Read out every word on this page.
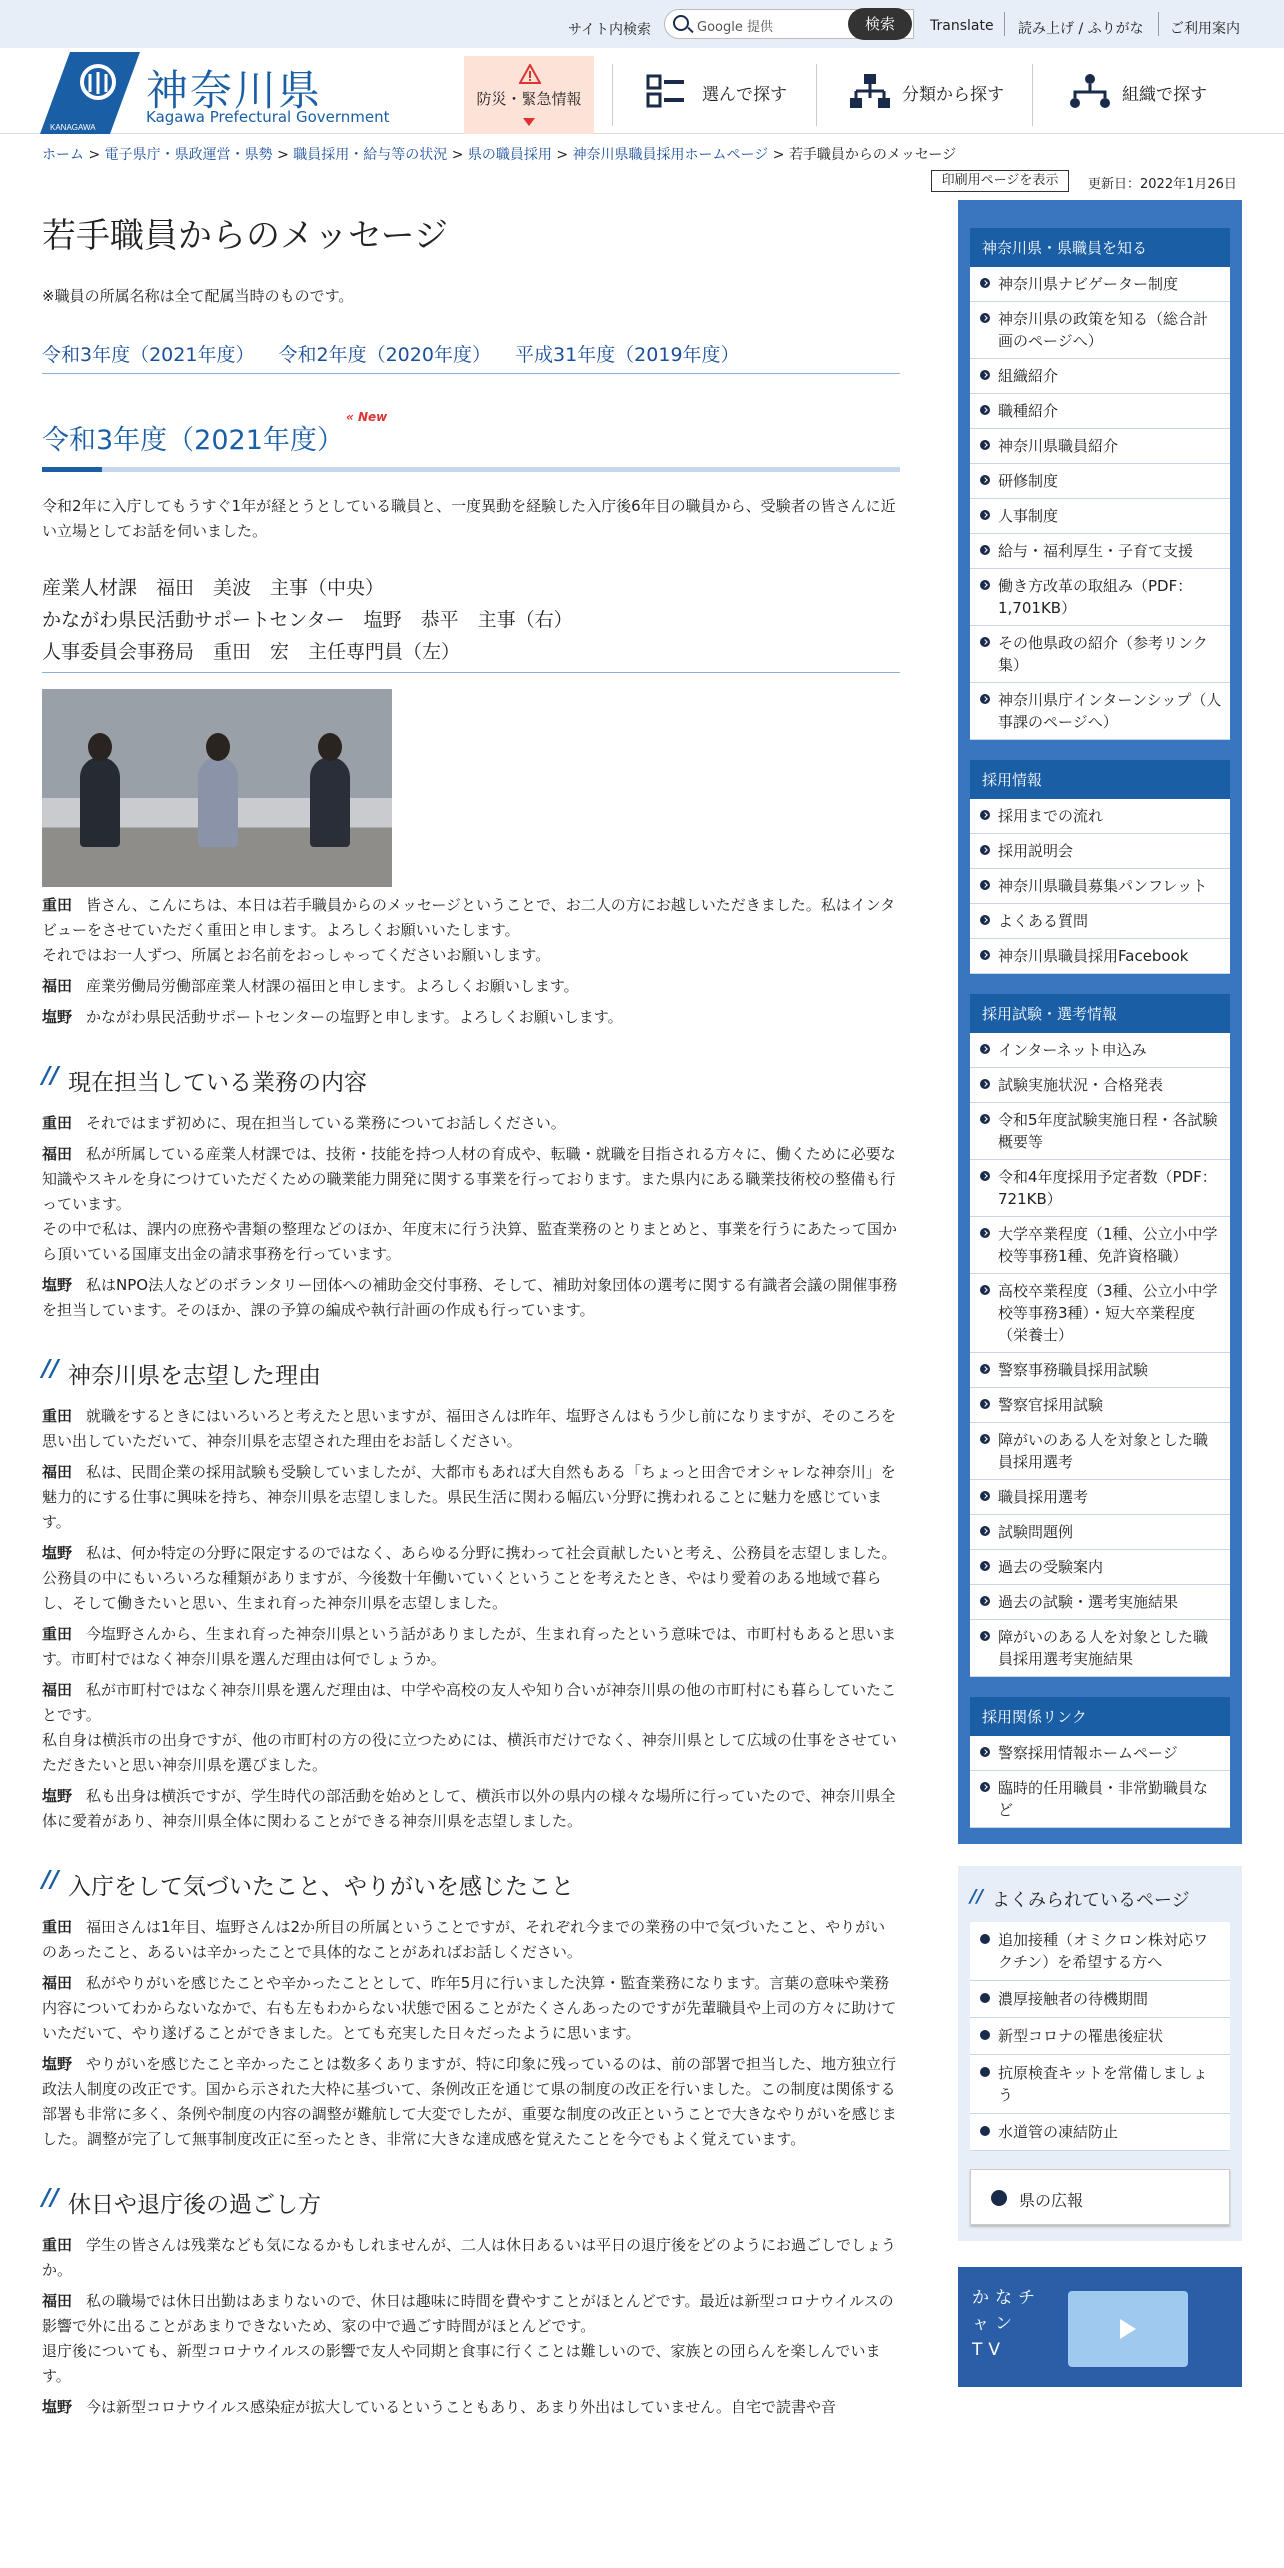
サイト内検索	Google 提供	検索	Translate 読み上げ / ふりがな ご利用案内
KANAGAWA
神奈川県
Kagawa Prefectural Government
防災・緊急情報	選んで探す	分類から探す	組織で探す
ホーム > 電子県庁・県政運営・県勢 > 職員採用・給与等の状況 > 県の職員採用 > 神奈川県職員採用ホームページ > 若手職員からのメッセージ
印刷用ページを表示	更新日：2022年1月26日
若手職員からのメッセージ

※職員の所属名称は全て配属当時のものです。

令和3年度（2021年度） 令和2年度（2020年度） 平成31年度（2019年度）
令和3年度（2021年度）
« New

令和2年に入庁してもうすぐ1年が経とうとしている職員と、一度異動を経験した入庁後6年目の職員から、受験者の皆さんに近い立場としてお話を伺いました。

産業人材課　福田　美波　主事（中央）
かながわ県民活動サポートセンター　塩野　恭平　主事（右）
人事委員会事務局　重田　宏　主任専門員（左）

重田 皆さん、こんにちは、本日は若手職員からのメッセージということで、お二人の方にお越しいただきました。私はインタビューをさせていただく重田と申します。よろしくお願いいたします。
それではお一人ずつ、所属とお名前をおっしゃってくださいお願いします。

福田 産業労働局労働部産業人材課の福田と申します。よろしくお願いします。

塩野 かながわ県民活動サポートセンターの塩野と申します。よろしくお願いします。

// 現在担当している業務の内容

重田 それではまず初めに、現在担当している業務についてお話しください。

福田 私が所属している産業人材課では、技術・技能を持つ人材の育成や、転職・就職を目指される方々に、働くために必要な知識やスキルを身につけていただくための職業能力開発に関する事業を行っております。また県内にある職業技術校の整備も行っています。
その中で私は、課内の庶務や書類の整理などのほか、年度末に行う決算、監査業務のとりまとめと、事業を行うにあたって国から頂いている国庫支出金の請求事務を行っています。

塩野 私はNPO法人などのボランタリー団体への補助金交付事務、そして、補助対象団体の選考に関する有識者会議の開催事務を担当しています。そのほか、課の予算の編成や執行計画の作成も行っています。

// 神奈川県を志望した理由

重田 就職をするときにはいろいろと考えたと思いますが、福田さんは昨年、塩野さんはもう少し前になりますが、そのころを思い出していただいて、神奈川県を志望された理由をお話しください。

福田 私は、民間企業の採用試験も受験していましたが、大都市もあれば大自然もある「ちょっと田舎でオシャレな神奈川」を魅力的にする仕事に興味を持ち、神奈川県を志望しました。県民生活に関わる幅広い分野に携われることに魅力を感じています。

塩野 私は、何か特定の分野に限定するのではなく、あらゆる分野に携わって社会貢献したいと考え、公務員を志望しました。
公務員の中にもいろいろな種類がありますが、今後数十年働いていくということを考えたとき、やはり愛着のある地域で暮らし、そして働きたいと思い、生まれ育った神奈川県を志望しました。

重田 今塩野さんから、生まれ育った神奈川県という話がありましたが、生まれ育ったという意味では、市町村もあると思います。市町村ではなく神奈川県を選んだ理由は何でしょうか。

福田 私が市町村ではなく神奈川県を選んだ理由は、中学や高校の友人や知り合いが神奈川県の他の市町村にも暮らしていたことです。
私自身は横浜市の出身ですが、他の市町村の方の役に立つためには、横浜市だけでなく、神奈川県として広域の仕事をさせていただきたいと思い神奈川県を選びました。

塩野 私も出身は横浜ですが、学生時代の部活動を始めとして、横浜市以外の県内の様々な場所に行っていたので、神奈川県全体に愛着があり、神奈川県全体に関わることができる神奈川県を志望しました。

// 入庁をして気づいたこと、やりがいを感じたこと

重田 福田さんは1年目、塩野さんは2か所目の所属ということですが、それぞれ今までの業務の中で気づいたこと、やりがいのあったこと、あるいは辛かったことで具体的なことがあればお話しください。

福田 私がやりがいを感じたことや辛かったこととして、昨年5月に行いました決算・監査業務になります。言葉の意味や業務内容についてわからないなかで、右も左もわからない状態で困ることがたくさんあったのですが先輩職員や上司の方々に助けていただいて、やり遂げることができました。とても充実した日々だったように思います。

塩野 やりがいを感じたこと辛かったことは数多くありますが、特に印象に残っているのは、前の部署で担当した、地方独立行政法人制度の改正です。国から示された大枠に基づいて、条例改正を通じて県の制度の改正を行いました。この制度は関係する部署も非常に多く、条例や制度の内容の調整が難航して大変でしたが、重要な制度の改正ということで大きなやりがいを感じました。調整が完了して無事制度改正に至ったとき、非常に大きな達成感を覚えたことを今でもよく覚えています。

// 休日や退庁後の過ごし方

重田 学生の皆さんは残業なども気になるかもしれませんが、二人は休日あるいは平日の退庁後をどのようにお過ごしでしょうか。

福田 私の職場では休日出勤はあまりないので、休日は趣味に時間を費やすことがほとんどです。最近は新型コロナウイルスの影響で外に出ることがあまりできないため、家の中で過ごす時間がほとんどです。
退庁後についても、新型コロナウイルスの影響で友人や同期と食事に行くことは難しいので、家族との団らんを楽しんでいます。

塩野 今は新型コロナウイルス感染症が拡大しているということもあり、あまり外出はしていません。自宅で読書や音

神奈川県・県職員を知る
神奈川県ナビゲーター制度
神奈川県の政策を知る（総合計画のページへ）
組織紹介
職種紹介
神奈川県職員紹介
研修制度
人事制度
給与・福利厚生・子育て支援
働き方改革の取組み（PDF：1,701KB）
その他県政の紹介（参考リンク集）
神奈川県庁インターンシップ（人事課のページへ）
採用情報
採用までの流れ
採用説明会
神奈川県職員募集パンフレット
よくある質問
神奈川県職員採用Facebook
採用試験・選考情報
インターネット申込み
試験実施状況・合格発表
令和5年度試験実施日程・各試験概要等
令和4年度採用予定者数（PDF：721KB）
大学卒業程度（1種、公立小中学校等事務1種、免許資格職）
高校卒業程度（3種、公立小中学校等事務3種）・短大卒業程度（栄養士）
警察事務職員採用試験
警察官採用試験
障がいのある人を対象とした職員採用選考
職員採用選考
試験問題例
過去の受験案内
過去の試験・選考実施結果
障がいのある人を対象とした職員採用選考実施結果
採用関係リンク
警察採用情報ホームページ
臨時的任用職員・非常勤職員など
// よくみられているページ
追加接種（オミクロン株対応ワクチン）を希望する方へ
濃厚接触者の待機期間
新型コロナの罹患後症状
抗原検査キットを常備しましょう
水道管の凍結防止
県の広報
かなチャンTV
